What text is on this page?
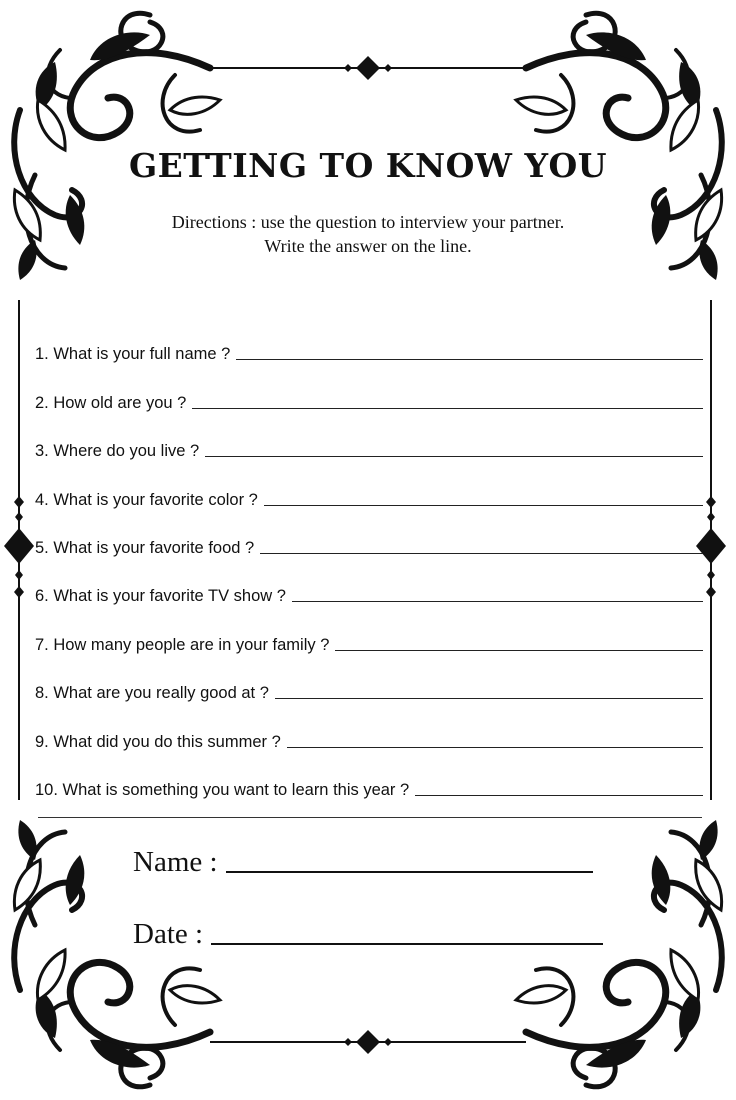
GETTING TO KNOW YOU
Directions : use the question to interview your partner.
Write the answer on the line.
1. What is your full name ?
2. How old are you ?
3. Where do you live ?
4. What is your favorite color ?
5. What is your favorite food ?
6. What is your favorite TV show ?
7. How many people are in your family ?
8. What are you really good at ?
9. What did you do this summer ?
10. What is something you want to learn this year ?
Name :
Date :
